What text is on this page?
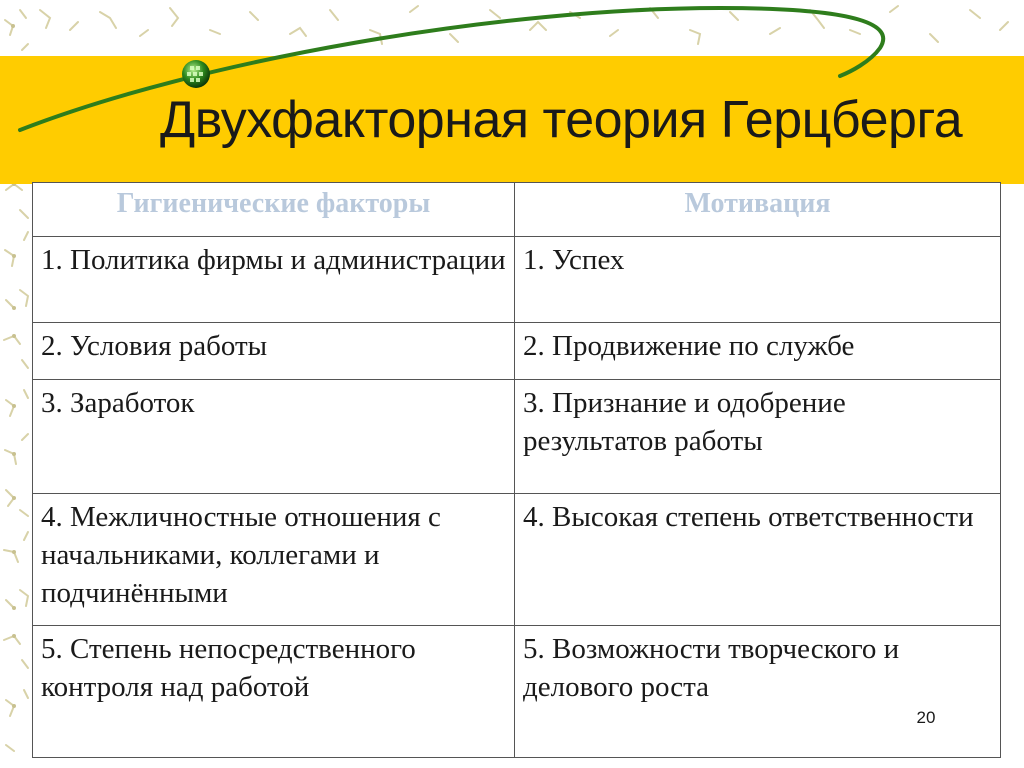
Двухфакторная теория Герцберга
Гигиенические факторы	Мотивация
1. Политика фирмы и администрации	1. Успех
2. Условия работы	2. Продвижение по службе
3. Заработок	3. Признание и одобрение результатов работы
4. Межличностные отношения с начальниками, коллегами и подчинёнными	4. Высокая степень ответственности
5. Степень непосредственного контроля над работой	5. Возможности творческого и делового роста
20
